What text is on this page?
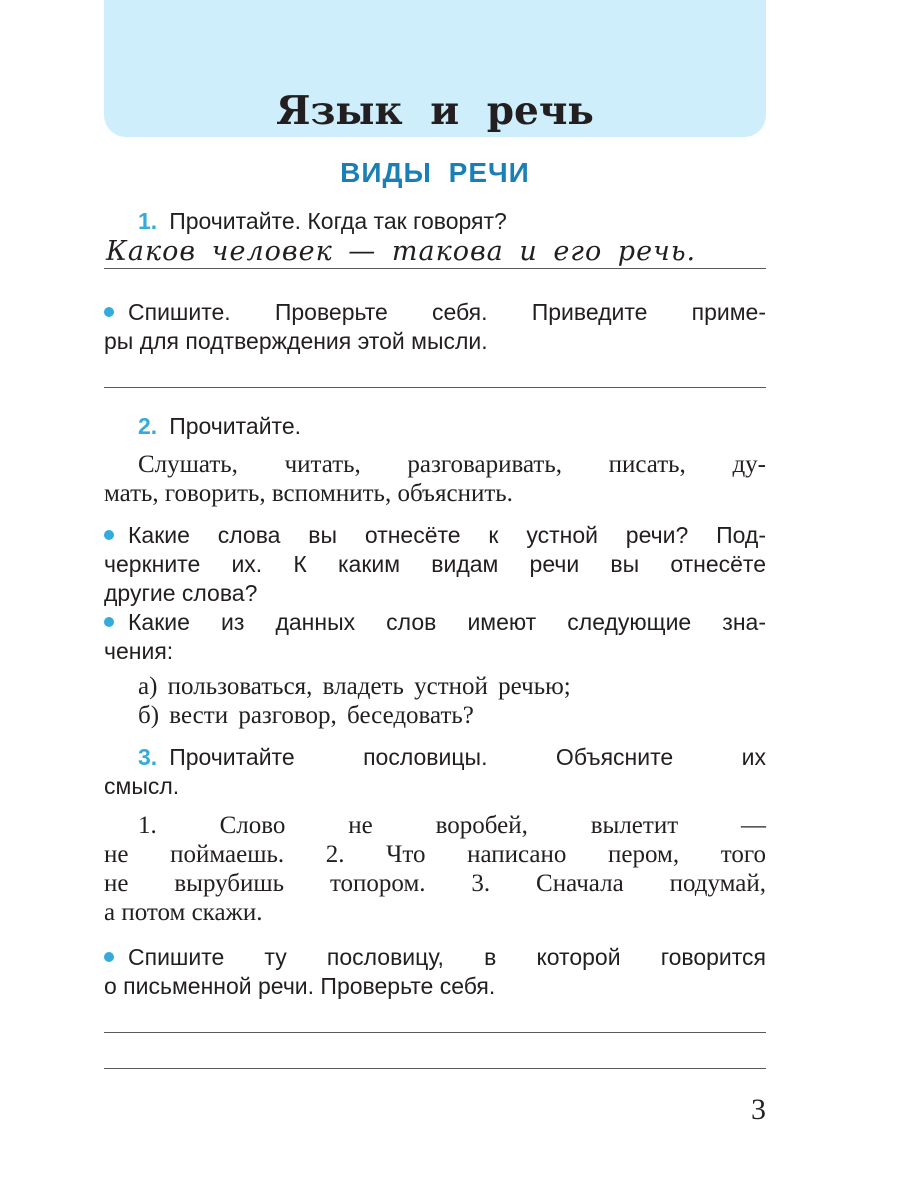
Язык и речь
ВИДЫ РЕЧИ

1. Прочитайте. Когда так говорят?

Каков человек — такова и его речь.
Спишите. Проверьте себя. Приведите приме-
ры для подтверждения этой мысли.

2. Прочитайте.

Слушать, читать, разговаривать, писать, ду-
мать, говорить, вспомнить, объяснить.
Какие слова вы отнесёте к устной речи? Под-
черкните их. К каким видам речи вы отнесёте
другие слова?
Какие из данных слов имеют следующие зна-
чения:
а) пользоваться, владеть устной речью;
б) вести разговор, беседовать?
3. Прочитайте пословицы. Объясните их
смысл.
1. Слово не воробей, вылетит —
не поймаешь. 2. Что написано пером, того
не вырубишь топором. 3. Сначала подумай,
а потом скажи.
Спишите ту пословицу, в которой говорится
о письменной речи. Проверьте себя.
3
